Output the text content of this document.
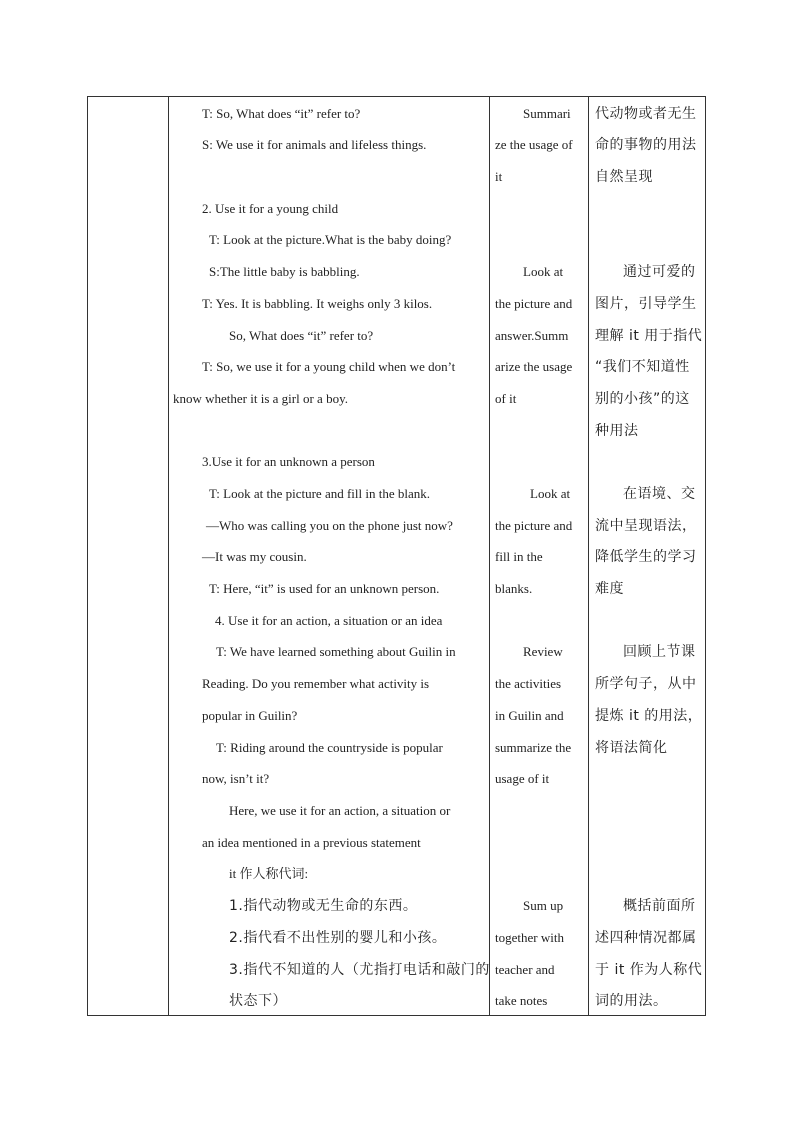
T: So, What does “it” refer to?
S: We use it for animals and lifeless things.
2. Use it for a young child
T: Look at the picture.What is the baby doing?
S:The little baby is babbling.
T: Yes. It is babbling. It weighs only 3 kilos.
So, What does “it” refer to?
T: So, we use it for a young child when we don’t
know whether it is a girl or a boy.
3.Use it for an unknown a person
T: Look at the picture and fill in the blank.
—Who was calling you on the phone just now?
—It was my cousin.
T: Here, “it” is used for an unknown person.
4. Use it for an action, a situation or an idea
T: We have learned something about Guilin in
Reading. Do you remember what activity is
popular in Guilin?
T: Riding around the countryside is popular
now, isn’t it?
Here, we use it for an action, a situation or
an idea mentioned in a previous statement
it 作人称代词:
1.指代动物或无生命的东西。
2.指代看不出性别的婴儿和小孩。
3.指代不知道的人（尤指打电话和敲门的
状态下）
Summari
ze the usage of
it
Look at
the picture and
answer.Summ
arize the usage
of it
Look at
the picture and
fill in the
blanks.
Review
the activities
in Guilin and
summarize the
usage of it
Sum up
together with
teacher and
take notes
代动物或者无生
命的事物的用法
自然呈现
通过可爱的
图片，引导学生
理解 it 用于指代
“我们不知道性
别的小孩”的这
种用法
在语境、交
流中呈现语法，
降低学生的学习
难度
回顾上节课
所学句子，从中
提炼 it 的用法，
将语法简化
概括前面所
述四种情况都属
于 it 作为人称代
词的用法。
